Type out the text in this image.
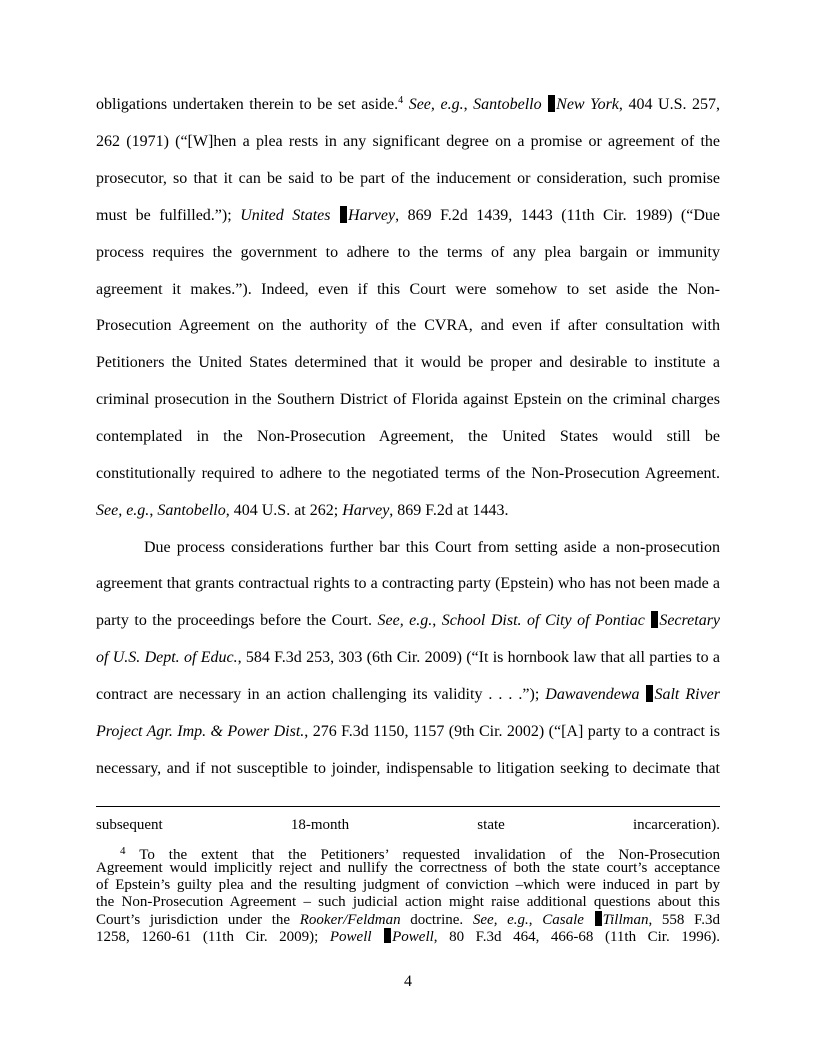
obligations undertaken therein to be set aside.$^4$ See, e.g., Santobello New York, 404 U.S. 257,
262 (1971) (“[W]hen a plea rests in any significant degree on a promise or agreement of the
prosecutor, so that it can be said to be part of the inducement or consideration, such promise
must be fulfilled.”); United States Harvey, 869 F.2d 1439, 1443 (11th Cir. 1989) (“Due
process requires the government to adhere to the terms of any plea bargain or immunity
agreement it makes.”). Indeed, even if this Court were somehow to set aside the Non-
Prosecution Agreement on the authority of the CVRA, and even if after consultation with
Petitioners the United States determined that it would be proper and desirable to institute a
criminal prosecution in the Southern District of Florida against Epstein on the criminal charges
contemplated in the Non-Prosecution Agreement, the United States would still be
constitutionally required to adhere to the negotiated terms of the Non-Prosecution Agreement.
See, e.g., Santobello, 404 U.S. at 262; Harvey, 869 F.2d at 1443.
Due process considerations further bar this Court from setting aside a non-prosecution
agreement that grants contractual rights to a contracting party (Epstein) who has not been made a
party to the proceedings before the Court. See, e.g., School Dist. of City of Pontiac Secretary
of U.S. Dept. of Educ., 584 F.3d 253, 303 (6th Cir. 2009) (“It is hornbook law that all parties to a
contract are necessary in an action challenging its validity . . . .”); Dawavendewa Salt River
Project Agr. Imp. & Power Dist., 276 F.3d 1150, 1157 (9th Cir. 2002) (“[A] party to a contract is
necessary, and if not susceptible to joinder, indispensable to litigation seeking to decimate that
subsequent 18-month state incarceration).
$^4$ To the extent that the Petitioners’ requested invalidation of the Non-Prosecution
Agreement would implicitly reject and nullify the correctness of both the state court’s acceptance
of Epstein’s guilty plea and the resulting judgment of conviction –which were induced in part by
the Non-Prosecution Agreement – such judicial action might raise additional questions about this
Court’s jurisdiction under the Rooker/Feldman doctrine. See, e.g., Casale Tillman, 558 F.3d
1258, 1260-61 (11th Cir. 2009); Powell Powell, 80 F.3d 464, 466-68 (11th Cir. 1996).
4
